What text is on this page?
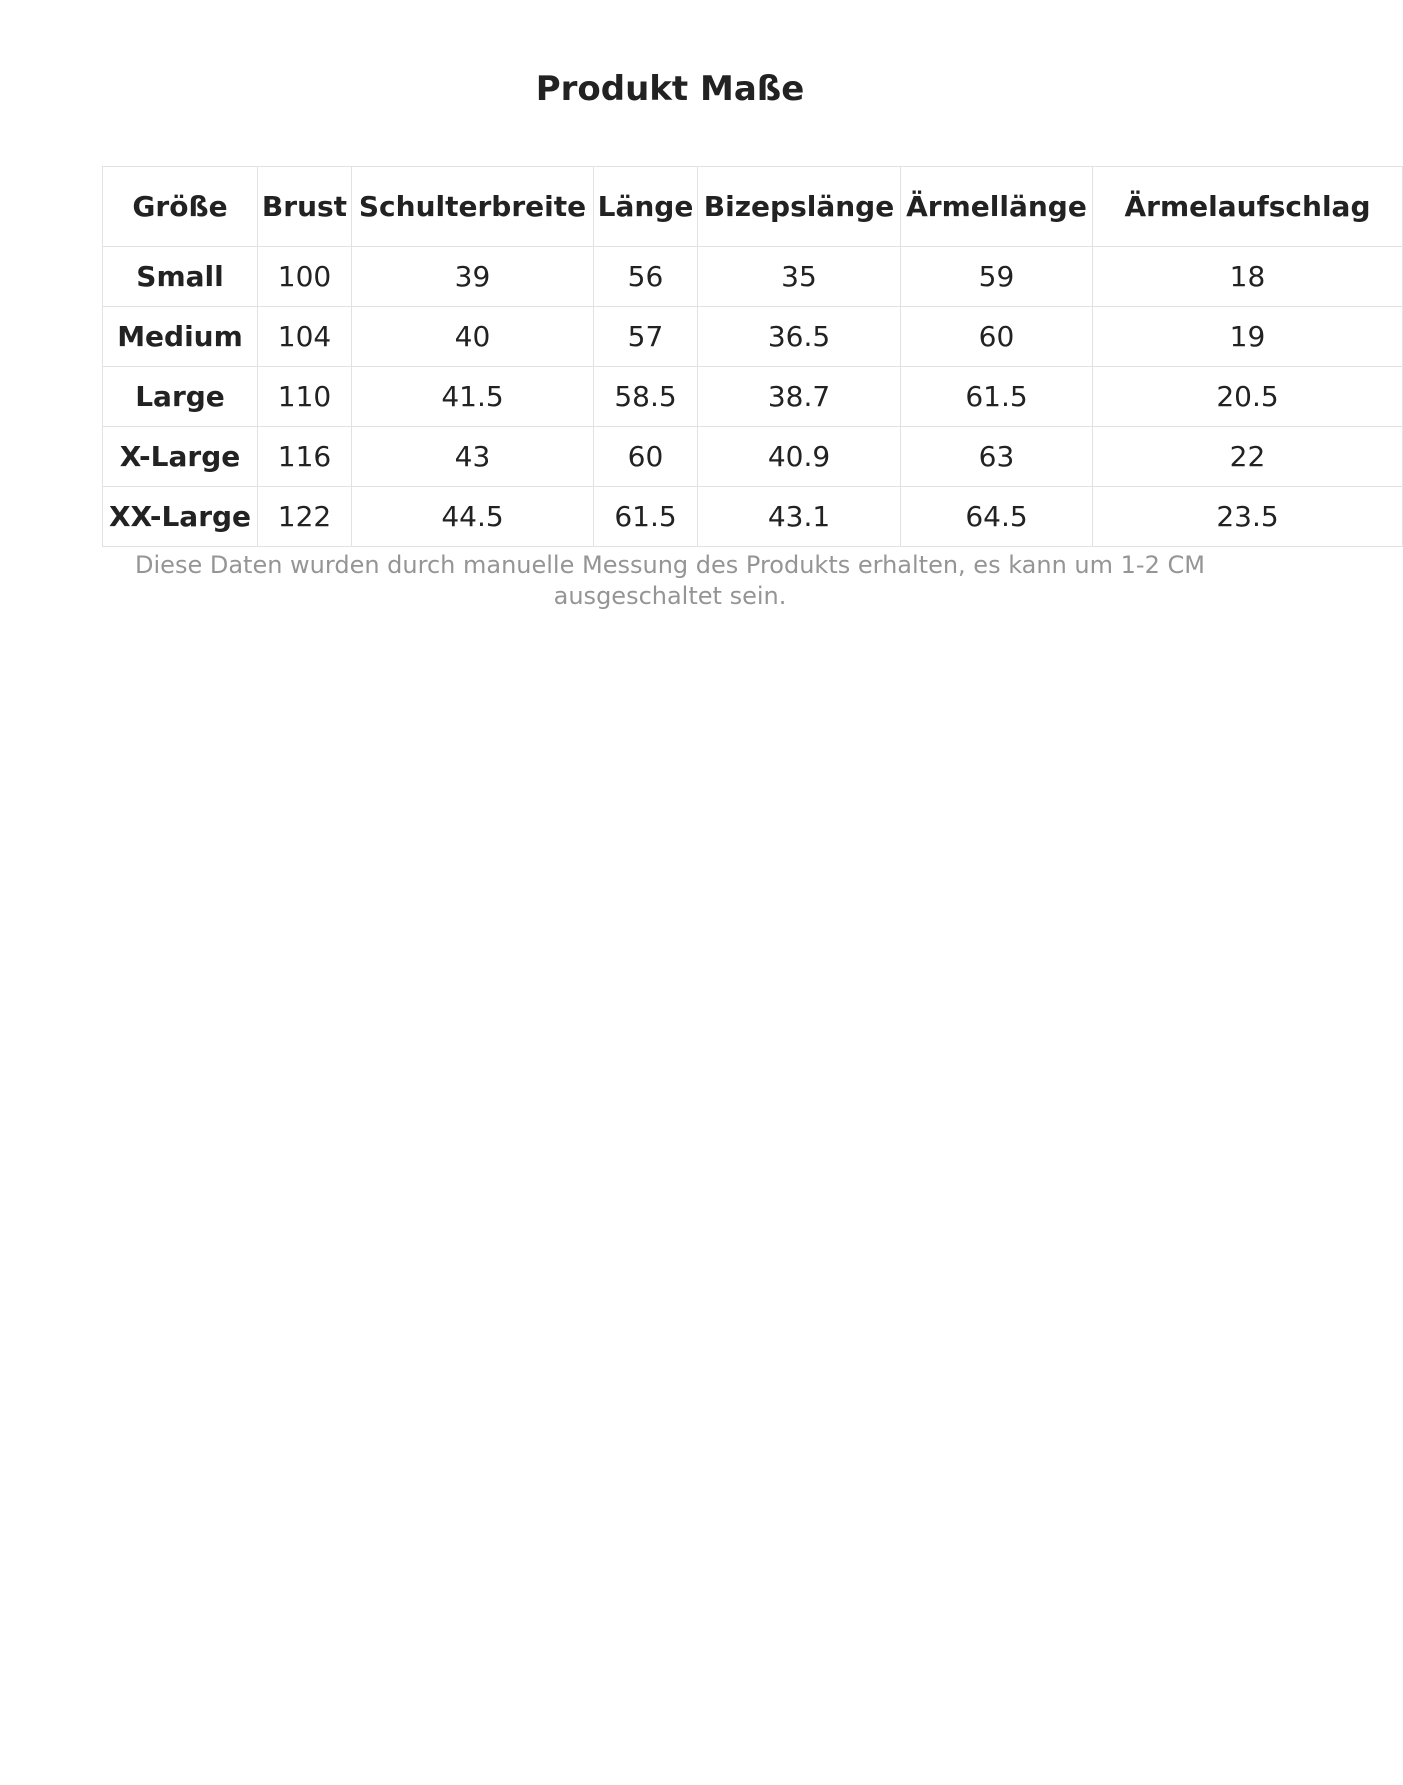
Produkt Maße
Größe	Brust	Schulterbreite	Länge	Bizepslänge	Ärmellänge	Ärmelaufschlag
Small	100	39	56	35	59	18
Medium	104	40	57	36.5	60	19
Large	110	41.5	58.5	38.7	61.5	20.5
X-Large	116	43	60	40.9	63	22
XX-Large	122	44.5	61.5	43.1	64.5	23.5

Diese Daten wurden durch manuelle Messung des Produkts erhalten, es kann um 1-2 CM ausgeschaltet sein.
